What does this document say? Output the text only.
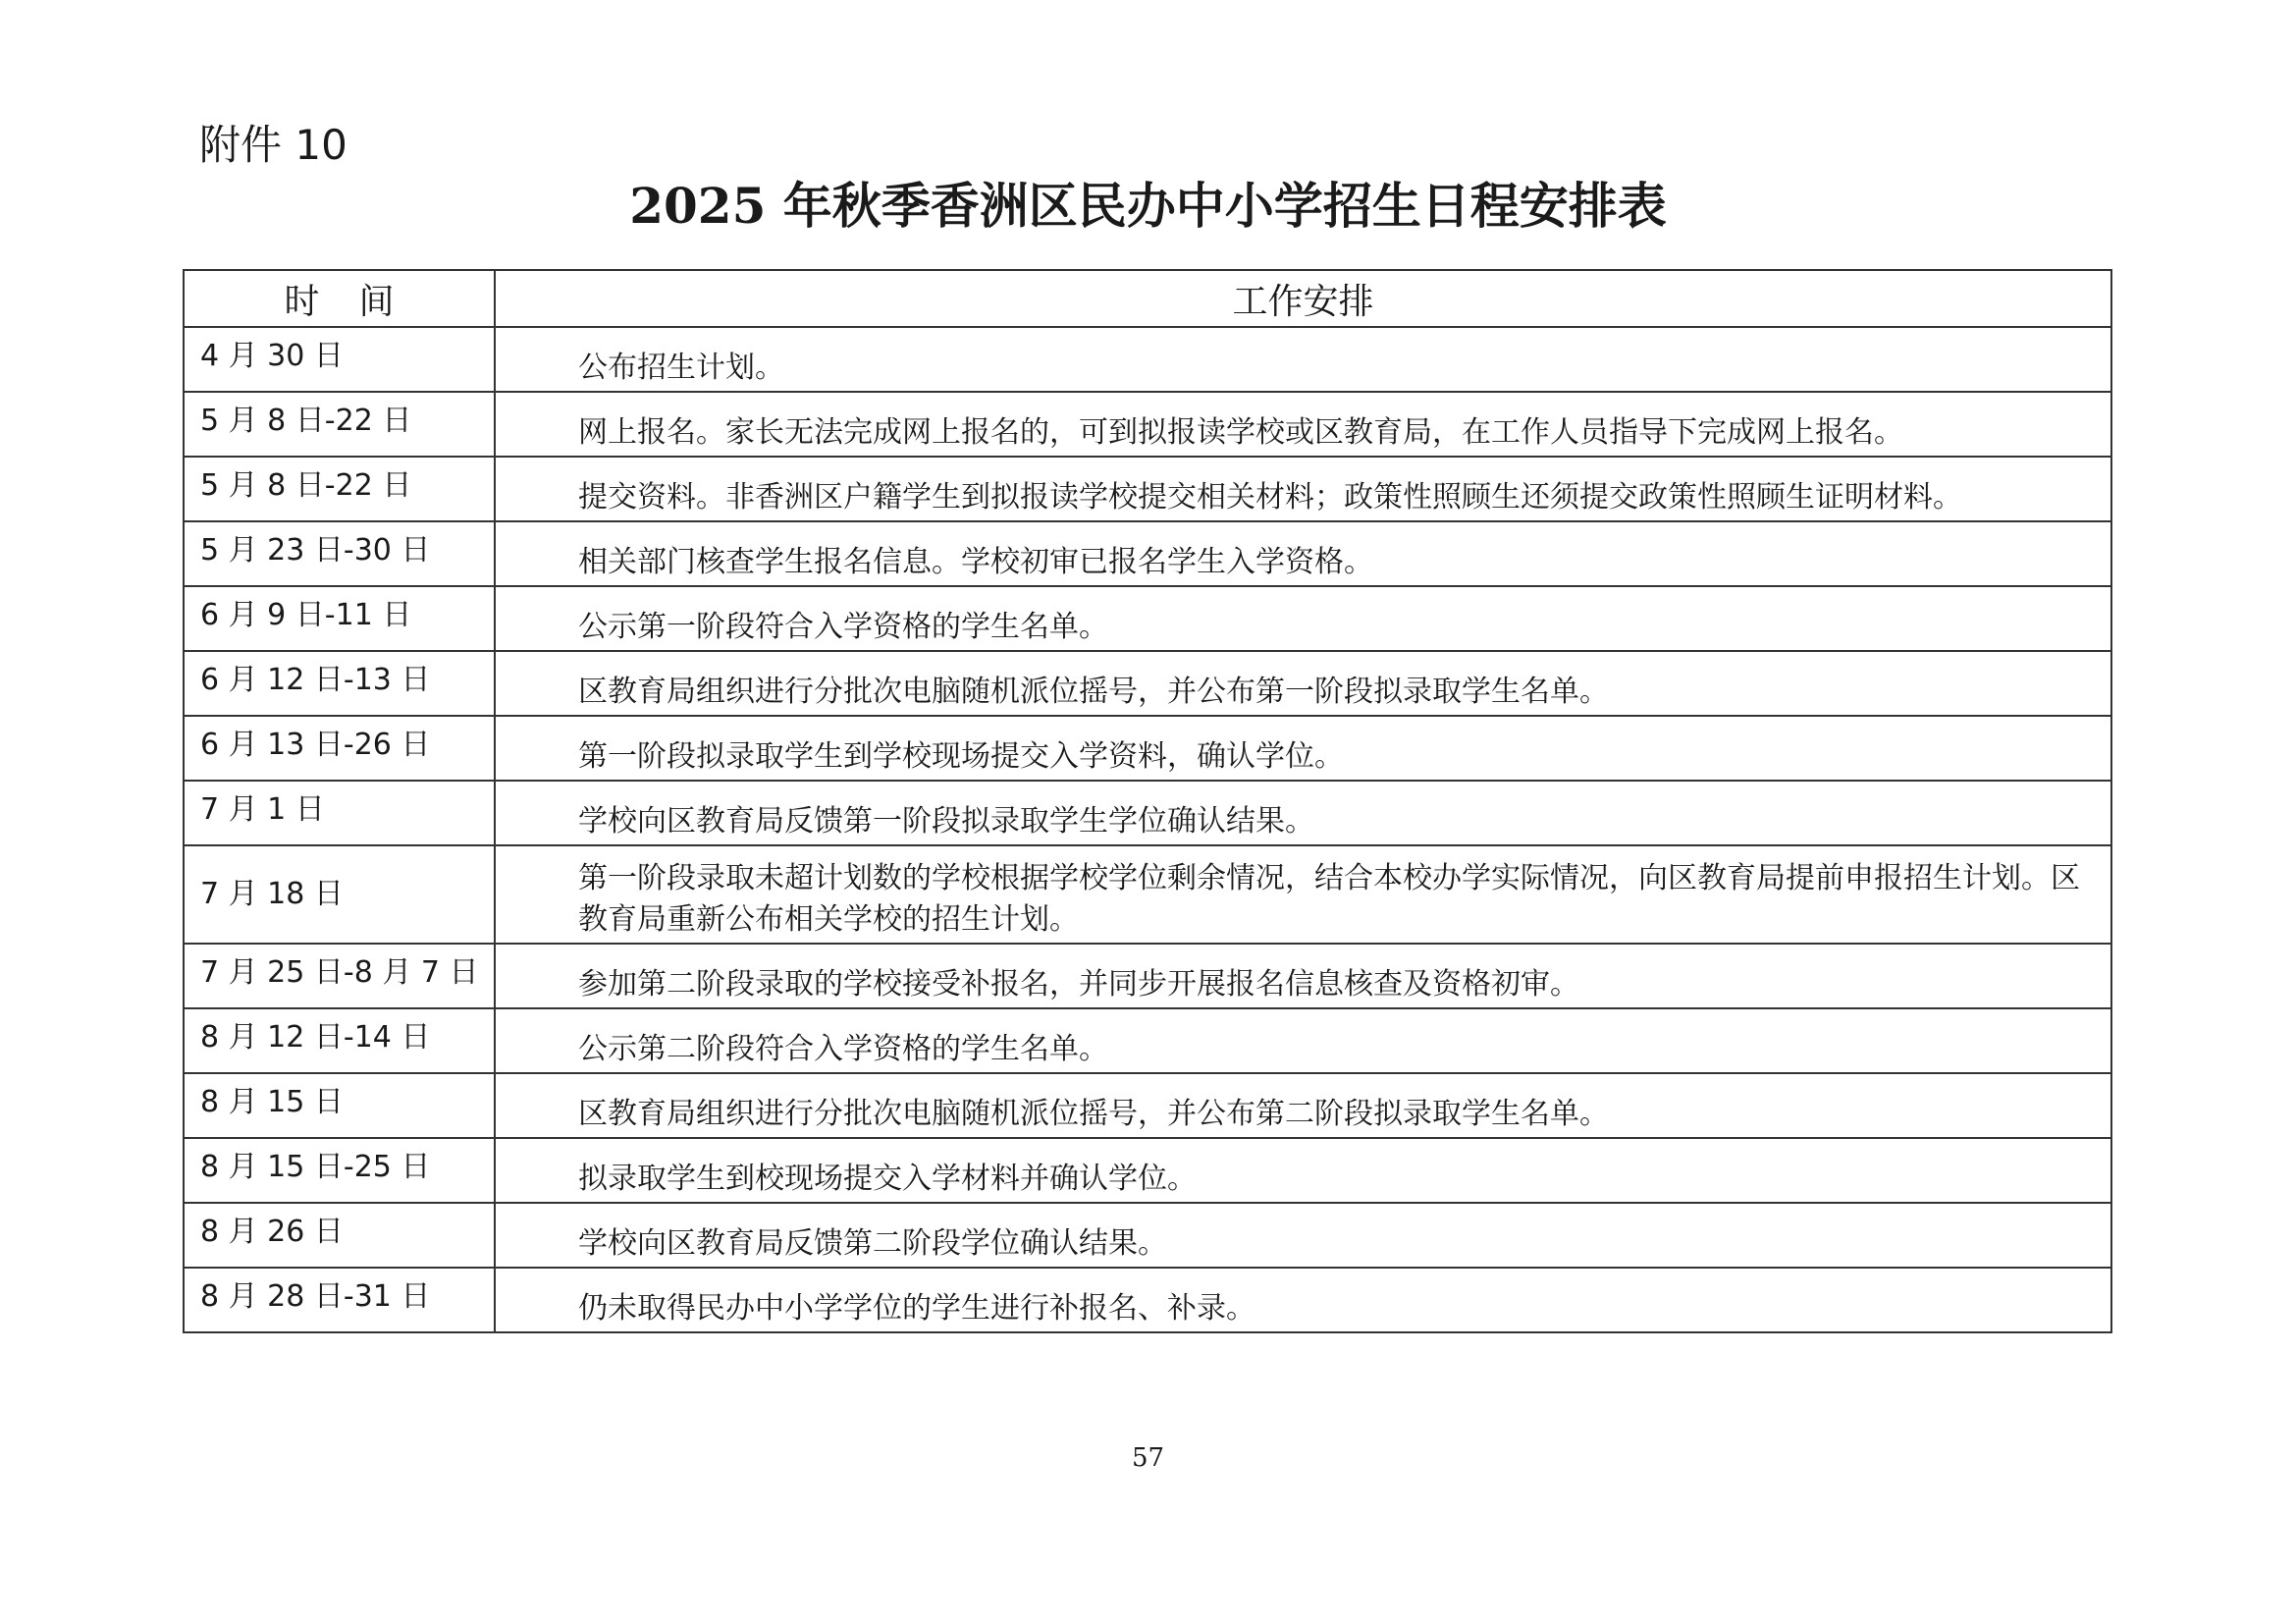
附件 10
2025 年秋季香洲区民办中小学招生日程安排表
时间	工作安排
4 月 30 日	公布招生计划。
5 月 8 日-22 日	网上报名。家长无法完成网上报名的，可到拟报读学校或区教育局，在工作人员指导下完成网上报名。
5 月 8 日-22 日	提交资料。非香洲区户籍学生到拟报读学校提交相关材料；政策性照顾生还须提交政策性照顾生证明材料。
5 月 23 日-30 日	相关部门核查学生报名信息。学校初审已报名学生入学资格。
6 月 9 日-11 日	公示第一阶段符合入学资格的学生名单。
6 月 12 日-13 日	区教育局组织进行分批次电脑随机派位摇号，并公布第一阶段拟录取学生名单。
6 月 13 日-26 日	第一阶段拟录取学生到学校现场提交入学资料，确认学位。
7 月 1 日	学校向区教育局反馈第一阶段拟录取学生学位确认结果。
7 月 18 日	第一阶段录取未超计划数的学校根据学校学位剩余情况，结合本校办学实际情况，向区教育局提前申报招生计划。区教育局重新公布相关学校的招生计划。
7 月 25 日-8 月 7 日	参加第二阶段录取的学校接受补报名，并同步开展报名信息核查及资格初审。
8 月 12 日-14 日	公示第二阶段符合入学资格的学生名单。
8 月 15 日	区教育局组织进行分批次电脑随机派位摇号，并公布第二阶段拟录取学生名单。
8 月 15 日-25 日	拟录取学生到校现场提交入学材料并确认学位。
8 月 26 日	学校向区教育局反馈第二阶段学位确认结果。
8 月 28 日-31 日	仍未取得民办中小学学位的学生进行补报名、补录。
57
